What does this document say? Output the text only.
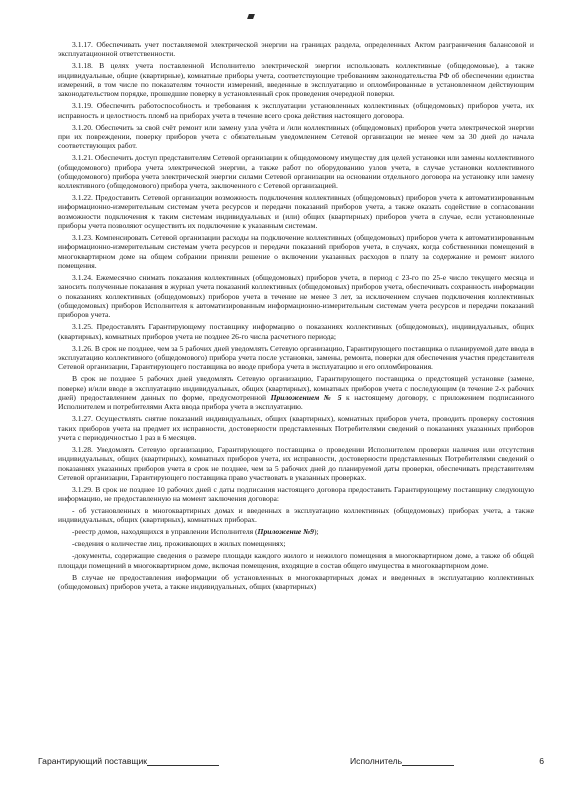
3.1.17. Обеспечивать учет поставляемой электрической энергии на границах раздела, определенных Актом разграничения балансовой и эксплуатационной ответственности.

3.1.18. В целях учета поставленной Исполнителю электрической энергии использовать коллективные (общедомовые), а также индивидуальные, общие (квартирные), комнатные приборы учета, соответствующие требованиям законодательства РФ об обеспечении единства измерений, в том числе по показателям точности измерений, введенные в эксплуатацию и опломбированные в установленном действующим законодательством порядке, прошедшие поверку в установленный срок проведения очередной поверки.

3.1.19. Обеспечить работоспособность и требования к эксплуатации установленных коллективных (общедомовых) приборов учета, их исправность и целостность пломб на приборах учета в течение всего срока действия настоящего договора.

3.1.20. Обеспечить за свой счёт ремонт или замену узла учёта и /или коллективных (общедомовых) приборов учета электрической энергии при их повреждении, поверку приборов учета с обязательным уведомлением Сетевой организации не менее чем за 30 дней до начала соответствующих работ.

3.1.21. Обеспечить доступ представителям Сетевой организации к общедомовому имуществу для целей установки или замены коллективного (общедомового) прибора учета электрической энергии, а также работ по оборудованию узлов учета, в случае установки коллективного (общедомового) прибора учета электрической энергии силами Сетевой организации на основании отдельного договора на установку или замену коллективного (общедомового) прибора учета, заключенного с Сетевой организацией.

3.1.22. Предоставить Сетевой организации возможность подключения коллективных (общедомовых) приборов учета к автоматизированным информационно-измерительным системам учета ресурсов и передачи показаний приборов учета, а также оказать содействие в согласовании возможности подключения к таким системам индивидуальных и (или) общих (квартирных) приборов учета в случае, если установленные приборы учета позволяют осуществить их подключение к указанным системам.

3.1.23. Компенсировать Сетевой организации расходы на подключение коллективных (общедомовых) приборов учета к автоматизированным информационно-измерительным системам учета ресурсов и передачи показаний приборов учета, в случаях, когда собственники помещений в многоквартирном доме на общем собрании приняли решение о включении указанных расходов в плату за содержание и ремонт жилого помещения.

3.1.24. Ежемесячно снимать показания коллективных (общедомовых) приборов учета, в период с 23-го по 25-е число текущего месяца и заносить полученные показания в журнал учета показаний коллективных (общедомовых) приборов учета, обеспечивать сохранность информации о показаниях коллективных (общедомовых) приборов учета в течение не менее 3 лет, за исключением случаев подключения коллективных (общедомовых) приборов Исполнителя к автоматизированным информационно-измерительным системам учета ресурсов и передачи показаний приборов учета.

3.1.25. Предоставлять Гарантирующему поставщику информацию о показаниях коллективных (общедомовых), индивидуальных, общих (квартирных), комнатных приборов учета не позднее 26-го числа расчетного периода;

3.1.26. В срок не позднее, чем за 5 рабочих дней уведомлять Сетевую организацию, Гарантирующего поставщика о планируемой дате ввода в эксплуатацию коллективного (общедомового) прибора учета после установки, замены, ремонта, поверки для обеспечения участия представителя Сетевой организации, Гарантирующего поставщика во вводе прибора учета в эксплуатацию и его опломбирования.

В срок не позднее 5 рабочих дней уведомлять Сетевую организацию, Гарантирующего поставщика о предстоящей установке (замене, поверке) и/или вводе в эксплуатацию индивидуальных, общих (квартирных), комнатных приборов учета с последующим (в течение 2-х рабочих дней) предоставлением данных по форме, предусмотренной Приложением № 5 к настоящему договору, с приложением подписанного Исполнителем и потребителями Акта ввода прибора учета в эксплуатацию.

3.1.27. Осуществлять снятие показаний индивидуальных, общих (квартирных), комнатных приборов учета, проводить проверку состояния таких приборов учета на предмет их исправности, достоверности представленных Потребителями сведений о показаниях указанных приборов учета с периодичностью 1 раз в 6 месяцев.

3.1.28. Уведомлять Сетевую организацию, Гарантирующего поставщика о проведении Исполнителем проверки наличия или отсутствия индивидуальных, общих (квартирных), комнатных приборов учета, их исправности, достоверности представленных Потребителями сведений о показаниях указанных приборов учета в срок не позднее, чем за 5 рабочих дней до планируемой даты проверки, обеспечивать представителям Сетевой организации, Гарантирующего поставщика право участвовать в указанных проверках.

3.1.29. В срок не позднее 10 рабочих дней с даты подписания настоящего договора предоставить Гарантирующему поставщику следующую информацию, не предоставленную на момент заключения договора:

- об установленных в многоквартирных домах и введенных в эксплуатацию коллективных (общедомовых) приборах учета, а также индивидуальных, общих (квартирных), комнатных приборах.

-реестр домов, находящихся в управлении Исполнителя (Приложение №9);

-сведения о количестве лиц, проживающих в жилых помещениях;

-документы, содержащие сведения о размере площади каждого жилого и нежилого помещения в многоквартирном доме, а также об общей площади помещений в многоквартирном доме, включая помещения, входящие в состав общего имущества в многоквартирном доме.

В случае не предоставления информации об установленных в многоквартирных домах и введенных в эксплуатацию коллективных (общедомовых) приборов учета, а также индивидуальных, общих (квартирных)

Гарантирующий поставщик	Исполнитель	6
